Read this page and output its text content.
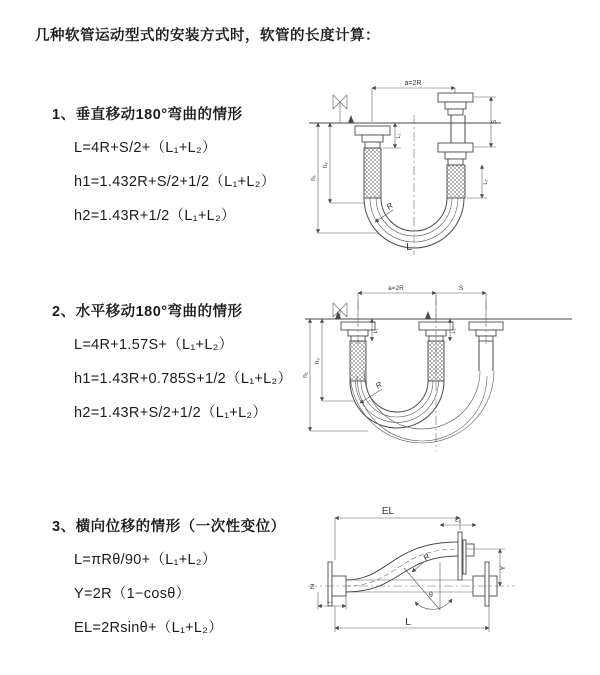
几种软管运动型式的安装方式时，软管的长度计算：
1、垂直移动180°弯曲的情形
L=4R+S/2+（L₁+L₂）
h1=1.432R+S/2+1/2（L₁+L₂）
h2=1.43R+1/2（L₁+L₂）
2、水平移动180°弯曲的情形
L=4R+1.57S+（L₁+L₂）
h1=1.43R+0.785S+1/2（L₁+L₂）
h2=1.43R+S/2+1/2（L₁+L₂）
3、横向位移的情形（一次性变位）
L=πRθ/90+（L₁+L₂）
Y=2R（1−cosθ）
EL=2Rsinθ+（L₁+L₂）
a=2R
R
h₁
h₂
L₁
S
L₂
L
a=2R	S
R
h₁
h₂
L₁	L₂
EL
L₂
Z
R
θ
Y
L
L₁
